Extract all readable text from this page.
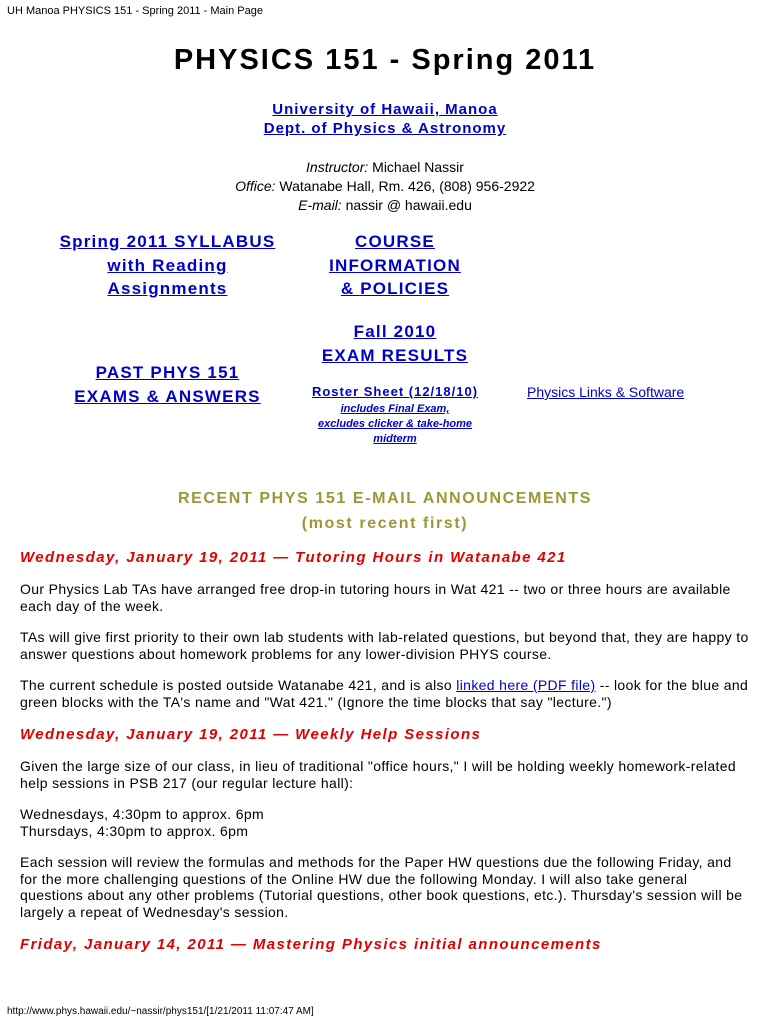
UH Manoa PHYSICS 151 - Spring 2011 - Main Page
PHYSICS 151 - Spring 2011
University of Hawaii, Manoa
Dept. of Physics & Astronomy
Instructor: Michael Nassir
Office: Watanabe Hall, Rm. 426, (808) 956-2922
E-mail: nassir @ hawaii.edu
Spring 2011 SYLLABUS
with Reading
Assignments
COURSE
INFORMATION
& POLICIES
Fall 2010
EXAM RESULTS
PAST PHYS 151
EXAMS & ANSWERS	Roster Sheet (12/18/10)
includes Final Exam,
excludes clicker & take-home
midterm
Physics Links & Software
RECENT PHYS 151 E-MAIL ANNOUNCEMENTS
(most recent first)
Wednesday, January 19, 2011 — Tutoring Hours in Watanabe 421

Our Physics Lab TAs have arranged free drop-in tutoring hours in Wat 421 -- two or three hours are available each day of the week.

TAs will give first priority to their own lab students with lab-related questions, but beyond that, they are happy to answer questions about homework problems for any lower-division PHYS course.

The current schedule is posted outside Watanabe 421, and is also linked here (PDF file) -- look for the blue and green blocks with the TA's name and "Wat 421." (Ignore the time blocks that say "lecture.")

Wednesday, January 19, 2011 — Weekly Help Sessions

Given the large size of our class, in lieu of traditional "office hours," I will be holding weekly homework-related help sessions in PSB 217 (our regular lecture hall):

Wednesdays, 4:30pm to approx. 6pm
Thursdays, 4:30pm to approx. 6pm

Each session will review the formulas and methods for the Paper HW questions due the following Friday, and for the more challenging questions of the Online HW due the following Monday. I will also take general questions about any other problems (Tutorial questions, other book questions, etc.). Thursday's session will be largely a repeat of Wednesday's session.

Friday, January 14, 2011 — Mastering Physics initial announcements
http://www.phys.hawaii.edu/~nassir/phys151/[1/21/2011 11:07:47 AM]
